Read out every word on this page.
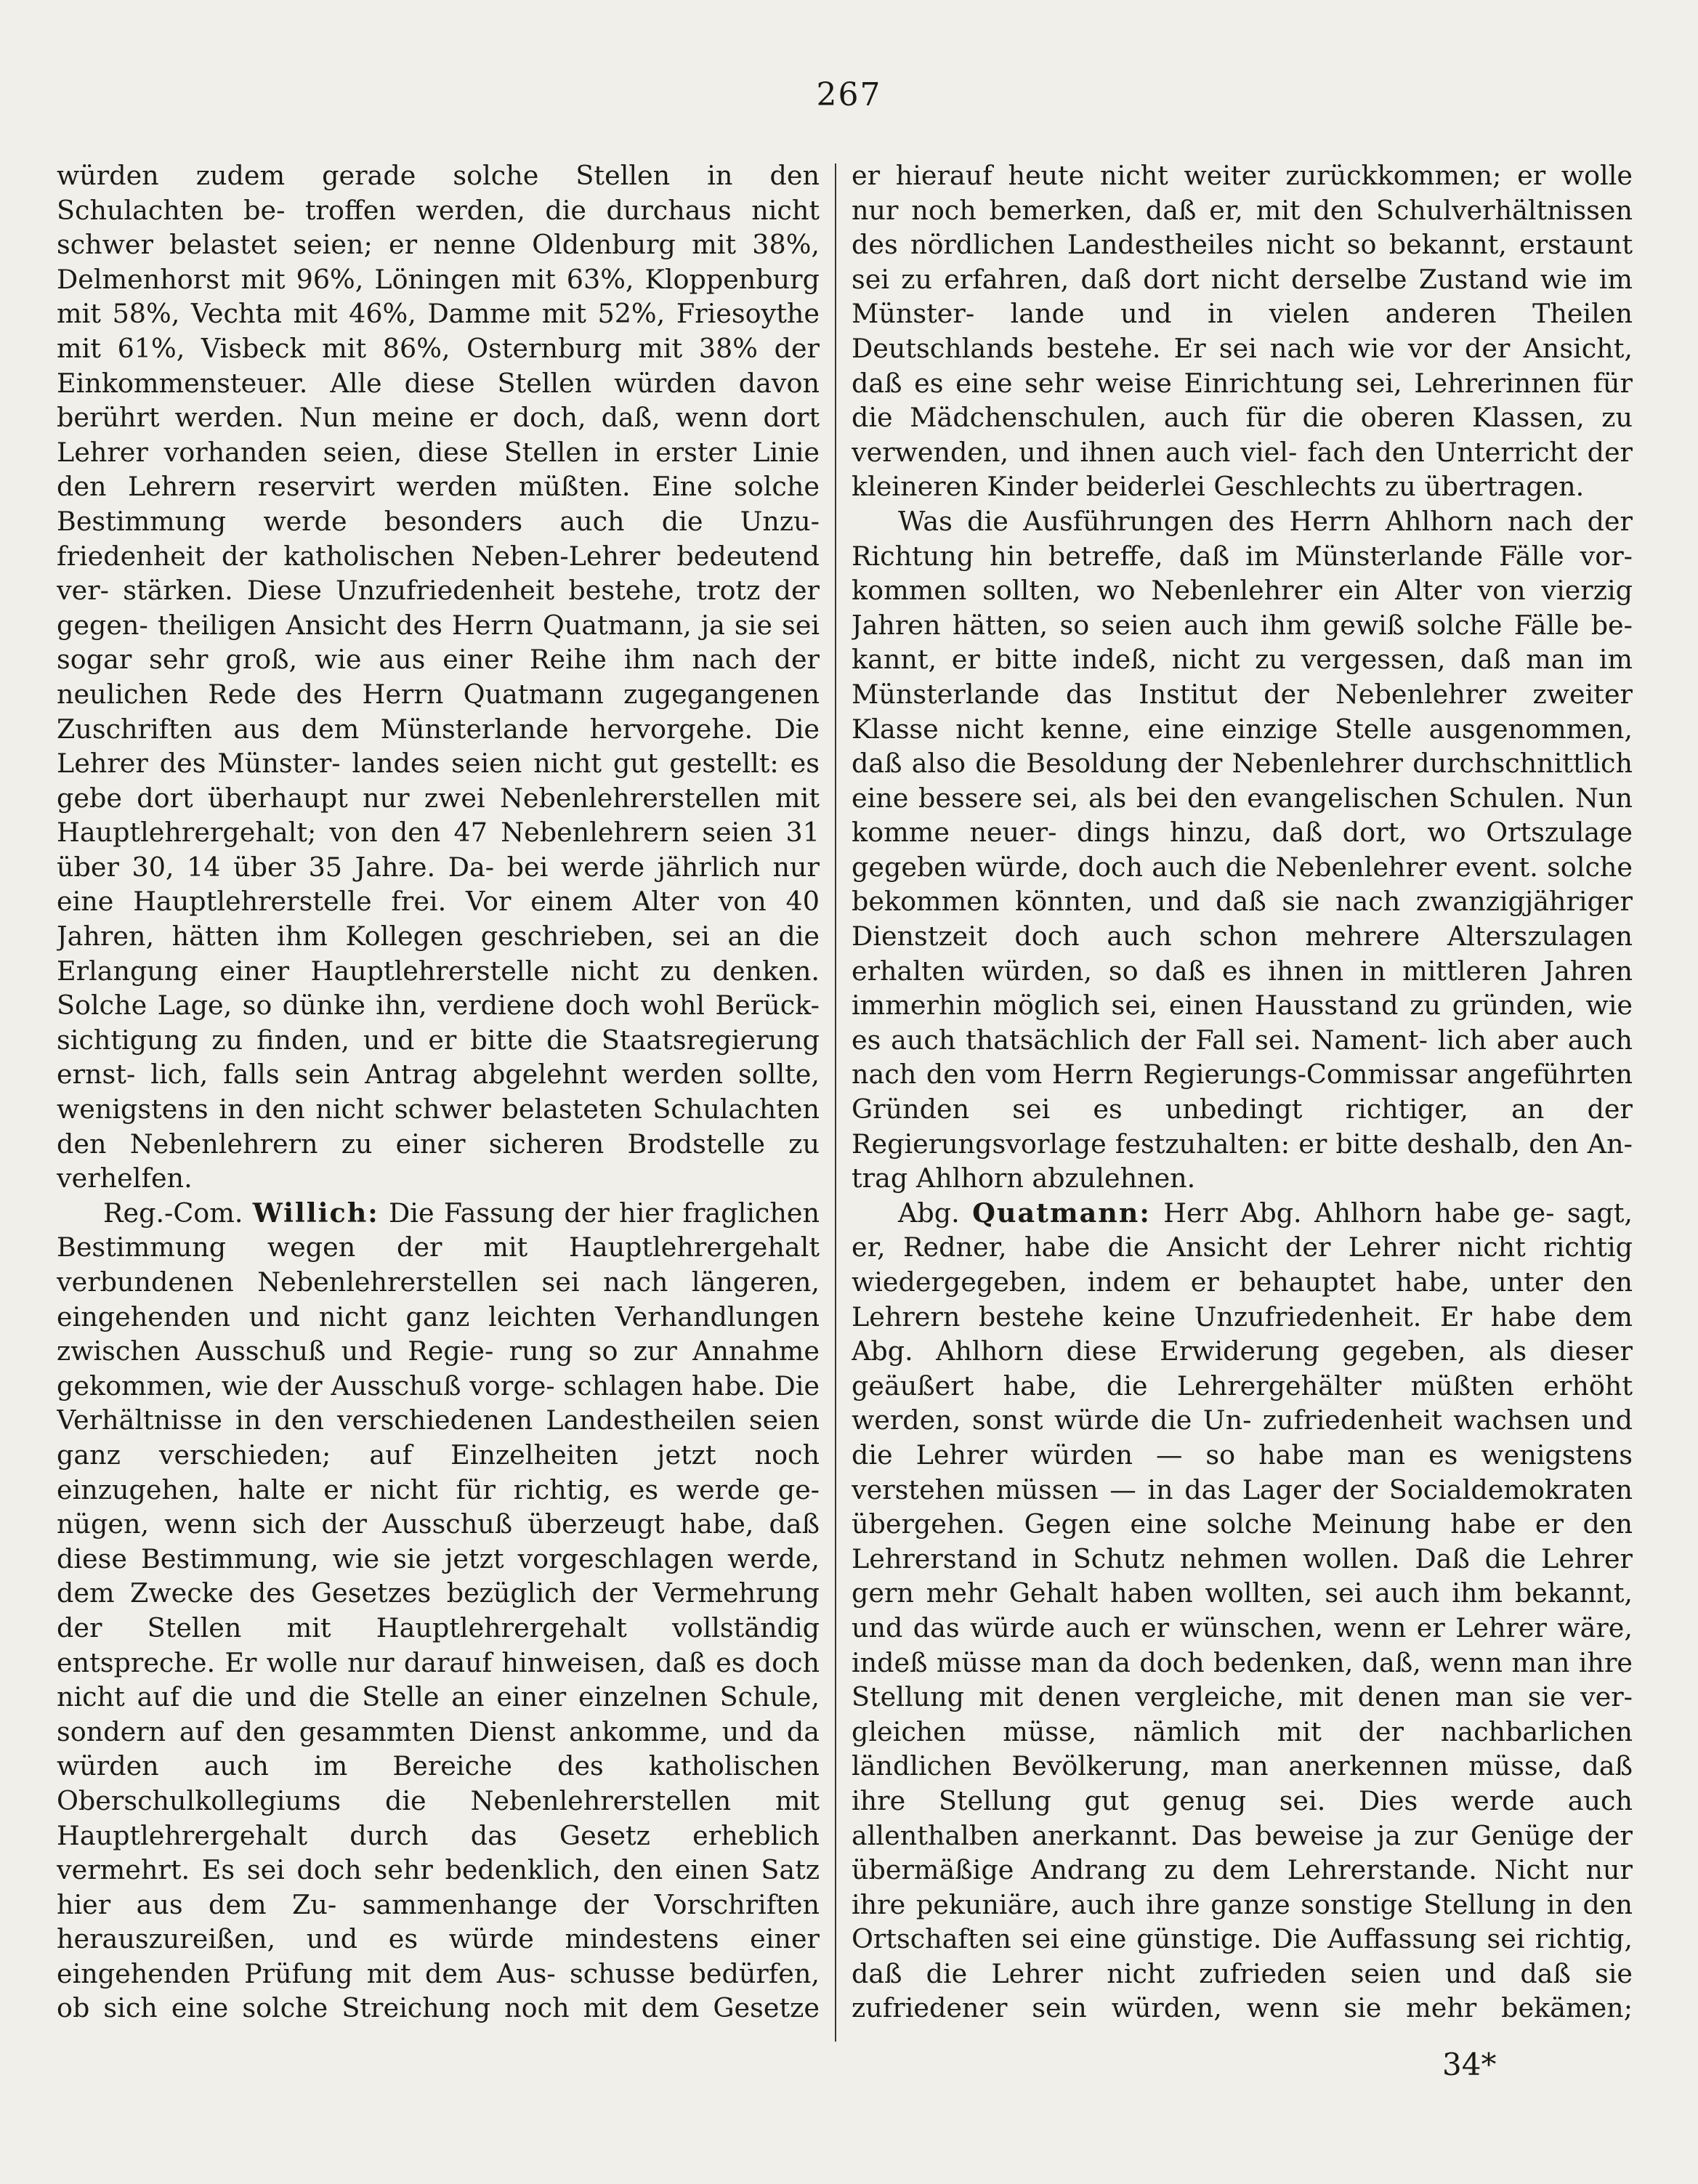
267

würden zudem gerade solche Stellen in den Schulachten be- troffen werden, die durchaus nicht schwer belastet seien; er nenne Oldenburg mit 38%, Delmenhorst mit 96%, Löningen mit 63%, Kloppenburg mit 58%, Vechta mit 46%, Damme mit 52%, Friesoythe mit 61%, Visbeck mit 86%, Osternburg mit 38% der Einkommensteuer. Alle diese Stellen würden davon berührt werden. Nun meine er doch, daß, wenn dort Lehrer vorhanden seien, diese Stellen in erster Linie den Lehrern reservirt werden müßten. Eine solche Bestimmung werde besonders auch die Unzu- friedenheit der katholischen Neben-Lehrer bedeutend ver- stärken. Diese Unzufriedenheit bestehe, trotz der gegen- theiligen Ansicht des Herrn Quatmann, ja sie sei sogar sehr groß, wie aus einer Reihe ihm nach der neulichen Rede des Herrn Quatmann zugegangenen Zuschriften aus dem Münsterlande hervorgehe. Die Lehrer des Münster- landes seien nicht gut gestellt: es gebe dort überhaupt nur zwei Nebenlehrerstellen mit Hauptlehrergehalt; von den 47 Nebenlehrern seien 31 über 30, 14 über 35 Jahre. Da- bei werde jährlich nur eine Hauptlehrerstelle frei. Vor einem Alter von 40 Jahren, hätten ihm Kollegen geschrieben, sei an die Erlangung einer Hauptlehrerstelle nicht zu denken. Solche Lage, so dünke ihn, verdiene doch wohl Berück- sichtigung zu finden, und er bitte die Staatsregierung ernst- lich, falls sein Antrag abgelehnt werden sollte, wenigstens in den nicht schwer belasteten Schulachten den Nebenlehrern zu einer sicheren Brodstelle zu verhelfen.

Reg.-Com. Willich: Die Fassung der hier fraglichen Bestimmung wegen der mit Hauptlehrergehalt verbundenen Nebenlehrerstellen sei nach längeren, eingehenden und nicht ganz leichten Verhandlungen zwischen Ausschuß und Regie- rung so zur Annahme gekommen, wie der Ausschuß vorge- schlagen habe. Die Verhältnisse in den verschiedenen Landestheilen seien ganz verschieden; auf Einzelheiten jetzt noch einzugehen, halte er nicht für richtig, es werde ge- nügen, wenn sich der Ausschuß überzeugt habe, daß diese Bestimmung, wie sie jetzt vorgeschlagen werde, dem Zwecke des Gesetzes bezüglich der Vermehrung der Stellen mit Hauptlehrergehalt vollständig entspreche. Er wolle nur darauf hinweisen, daß es doch nicht auf die und die Stelle an einer einzelnen Schule, sondern auf den gesammten Dienst ankomme, und da würden auch im Bereiche des katholischen Oberschulkollegiums die Nebenlehrerstellen mit Hauptlehrergehalt durch das Gesetz erheblich vermehrt. Es sei doch sehr bedenklich, den einen Satz hier aus dem Zu- sammenhange der Vorschriften herauszureißen, und es würde mindestens einer eingehenden Prüfung mit dem Aus- schusse bedürfen, ob sich eine solche Streichung noch mit dem Gesetze

er hierauf heute nicht weiter zurückkommen; er wolle nur noch bemerken, daß er, mit den Schulverhältnissen des nördlichen Landestheiles nicht so bekannt, erstaunt sei zu erfahren, daß dort nicht derselbe Zustand wie im Münster- lande und in vielen anderen Theilen Deutschlands bestehe. Er sei nach wie vor der Ansicht, daß es eine sehr weise Einrichtung sei, Lehrerinnen für die Mädchenschulen, auch für die oberen Klassen, zu verwenden, und ihnen auch viel- fach den Unterricht der kleineren Kinder beiderlei Geschlechts zu übertragen.

Was die Ausführungen des Herrn Ahlhorn nach der Richtung hin betreffe, daß im Münsterlande Fälle vor- kommen sollten, wo Nebenlehrer ein Alter von vierzig Jahren hätten, so seien auch ihm gewiß solche Fälle be- kannt, er bitte indeß, nicht zu vergessen, daß man im Münsterlande das Institut der Nebenlehrer zweiter Klasse nicht kenne, eine einzige Stelle ausgenommen, daß also die Besoldung der Nebenlehrer durchschnittlich eine bessere sei, als bei den evangelischen Schulen. Nun komme neuer- dings hinzu, daß dort, wo Ortszulage gegeben würde, doch auch die Nebenlehrer event. solche bekommen könnten, und daß sie nach zwanzigjähriger Dienstzeit doch auch schon mehrere Alterszulagen erhalten würden, so daß es ihnen in mittleren Jahren immerhin möglich sei, einen Hausstand zu gründen, wie es auch thatsächlich der Fall sei. Nament- lich aber auch nach den vom Herrn Regierungs-Commissar angeführten Gründen sei es unbedingt richtiger, an der Regierungsvorlage festzuhalten: er bitte deshalb, den An- trag Ahlhorn abzulehnen.

Abg. Quatmann: Herr Abg. Ahlhorn habe ge- sagt, er, Redner, habe die Ansicht der Lehrer nicht richtig wiedergegeben, indem er behauptet habe, unter den Lehrern bestehe keine Unzufriedenheit. Er habe dem Abg. Ahlhorn diese Erwiderung gegeben, als dieser geäußert habe, die Lehrergehälter müßten erhöht werden, sonst würde die Un- zufriedenheit wachsen und die Lehrer würden — so habe man es wenigstens verstehen müssen — in das Lager der Socialdemokraten übergehen. Gegen eine solche Meinung habe er den Lehrerstand in Schutz nehmen wollen. Daß die Lehrer gern mehr Gehalt haben wollten, sei auch ihm bekannt, und das würde auch er wünschen, wenn er Lehrer wäre, indeß müsse man da doch bedenken, daß, wenn man ihre Stellung mit denen vergleiche, mit denen man sie ver- gleichen müsse, nämlich mit der nachbarlichen ländlichen Bevölkerung, man anerkennen müsse, daß ihre Stellung gut genug sei. Dies werde auch allenthalben anerkannt. Das beweise ja zur Genüge der übermäßige Andrang zu dem Lehrerstande. Nicht nur ihre pekuniäre, auch ihre ganze sonstige Stellung in den Ortschaften sei eine günstige. Die Auffassung sei richtig, daß die Lehrer nicht zufrieden seien und daß sie zufriedener sein würden, wenn sie mehr bekämen;

34*
